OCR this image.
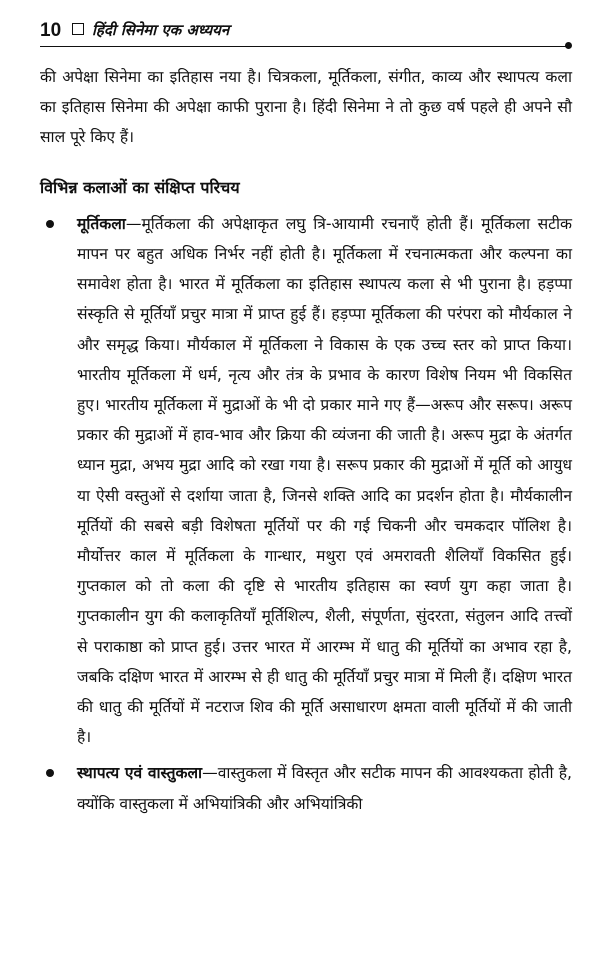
10 हिंदी सिनेमा एक अध्ययन

की अपेक्षा सिनेमा का इतिहास नया है। चित्रकला, मूर्तिकला, संगीत, काव्य और स्थापत्य कला का इतिहास सिनेमा की अपेक्षा काफी पुराना है। हिंदी सिनेमा ने तो कुछ वर्ष पहले ही अपने सौ साल पूरे किए हैं।

विभिन्न कलाओं का संक्षिप्त परिचय

मूर्तिकला—मूर्तिकला की अपेक्षाकृत लघु त्रि-आयामी रचनाएँ होती हैं। मूर्तिकला सटीक मापन पर बहुत अधिक निर्भर नहीं होती है। मूर्तिकला में रचनात्मकता और कल्पना का समावेश होता है। भारत में मूर्तिकला का इतिहास स्थापत्य कला से भी पुराना है। हड़प्पा संस्कृति से मूर्तियाँ प्रचुर मात्रा में प्राप्त हुई हैं। हड़प्पा मूर्तिकला की परंपरा को मौर्यकाल ने और समृद्ध किया। मौर्यकाल में मूर्तिकला ने विकास के एक उच्च स्तर को प्राप्त किया। भारतीय मूर्तिकला में धर्म, नृत्य और तंत्र के प्रभाव के कारण विशेष नियम भी विकसित हुए। भारतीय मूर्तिकला में मुद्राओं के भी दो प्रकार माने गए हैं—अरूप और सरूप। अरूप प्रकार की मुद्राओं में हाव-भाव और क्रिया की व्यंजना की जाती है। अरूप मुद्रा के अंतर्गत ध्यान मुद्रा, अभय मुद्रा आदि को रखा गया है। सरूप प्रकार की मुद्राओं में मूर्ति को आयुध या ऐसी वस्तुओं से दर्शाया जाता है, जिनसे शक्ति आदि का प्रदर्शन होता है। मौर्यकालीन मूर्तियों की सबसे बड़ी विशेषता मूर्तियों पर की गई चिकनी और चमकदार पॉलिश है। मौर्योत्तर काल में मूर्तिकला के गान्धार, मथुरा एवं अमरावती शैलियाँ विकसित हुई। गुप्तकाल को तो कला की दृष्टि से भारतीय इतिहास का स्वर्ण युग कहा जाता है। गुप्तकालीन युग की कलाकृतियाँ मूर्तिशिल्प, शैली, संपूर्णता, सुंदरता, संतुलन आदि तत्त्वों से पराकाष्ठा को प्राप्त हुई। उत्तर भारत में आरम्भ में धातु की मूर्तियों का अभाव रहा है, जबकि दक्षिण भारत में आरम्भ से ही धातु की मूर्तियाँ प्रचुर मात्रा में मिली हैं। दक्षिण भारत की धातु की मूर्तियों में नटराज शिव की मूर्ति असाधारण क्षमता वाली मूर्तियों में की जाती है।

स्थापत्य एवं वास्तुकला—वास्तुकला में विस्तृत और सटीक मापन की आवश्यकता होती है, क्योंकि वास्तुकला में अभियांत्रिकी और अभियांत्रिकी
